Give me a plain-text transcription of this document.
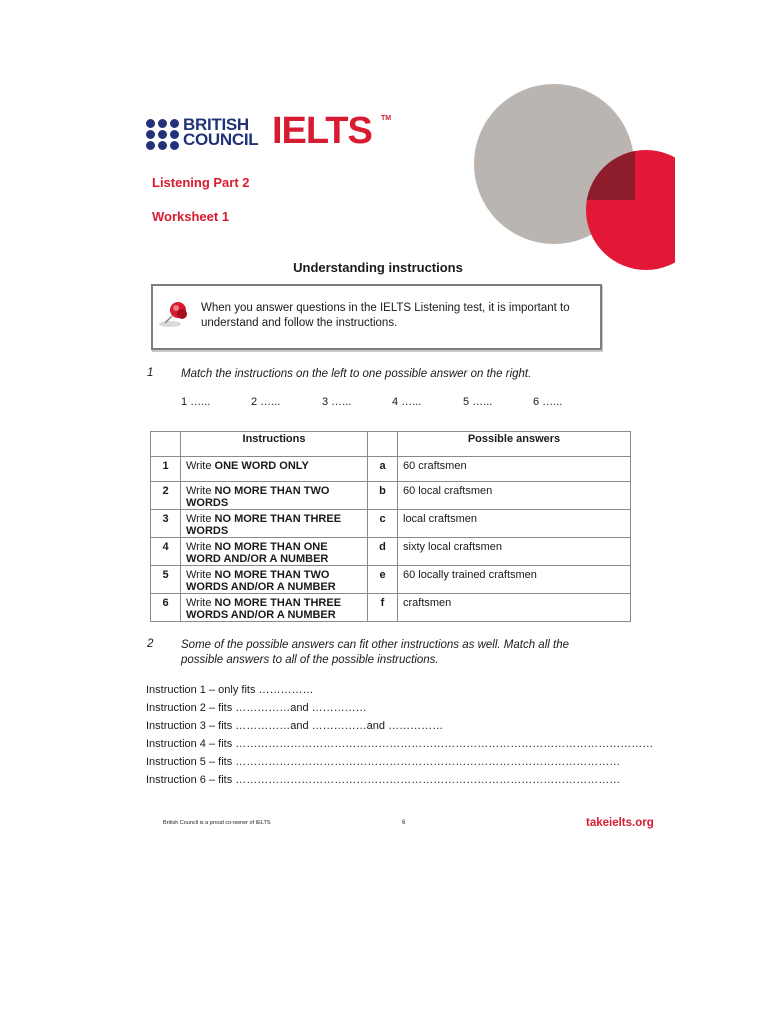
BRITISH
COUNCIL IELTS TM
Listening Part 2
Worksheet 1
Understanding instructions
When you answer questions in the IELTS Listening test, it is important to understand and follow the instructions.
1 Match the instructions on the left to one possible answer on the right.
1 …...	2 …...	3 …...	4 …...	5 …...	6 …...
	Instructions		Possible answers
1	Write ONE WORD ONLY	a	60 craftsmen
2	Write NO MORE THAN TWO WORDS	b	60 local craftsmen
3	Write NO MORE THAN THREE WORDS	c	local craftsmen
4	Write NO MORE THAN ONE WORD AND/OR A NUMBER	d	sixty local craftsmen
5	Write NO MORE THAN TWO WORDS AND/OR A NUMBER	e	60 locally trained craftsmen
6	Write NO MORE THAN THREE WORDS AND/OR A NUMBER	f	craftsmen
2 Some of the possible answers can fit other instructions as well. Match all the possible answers to all of the possible instructions.
Instruction 1 – only fits ……………
Instruction 2 – fits ……………and ……………
Instruction 3 – fits ……………and ……………and ……………
Instruction 4 – fits ……………………………………………………………………………………………………
Instruction 5 – fits ……………………………………………………………………………………………
Instruction 6 – fits ……………………………………………………………………………………………
British Council is a proud co-owner of IELTS	6	takeielts.org
